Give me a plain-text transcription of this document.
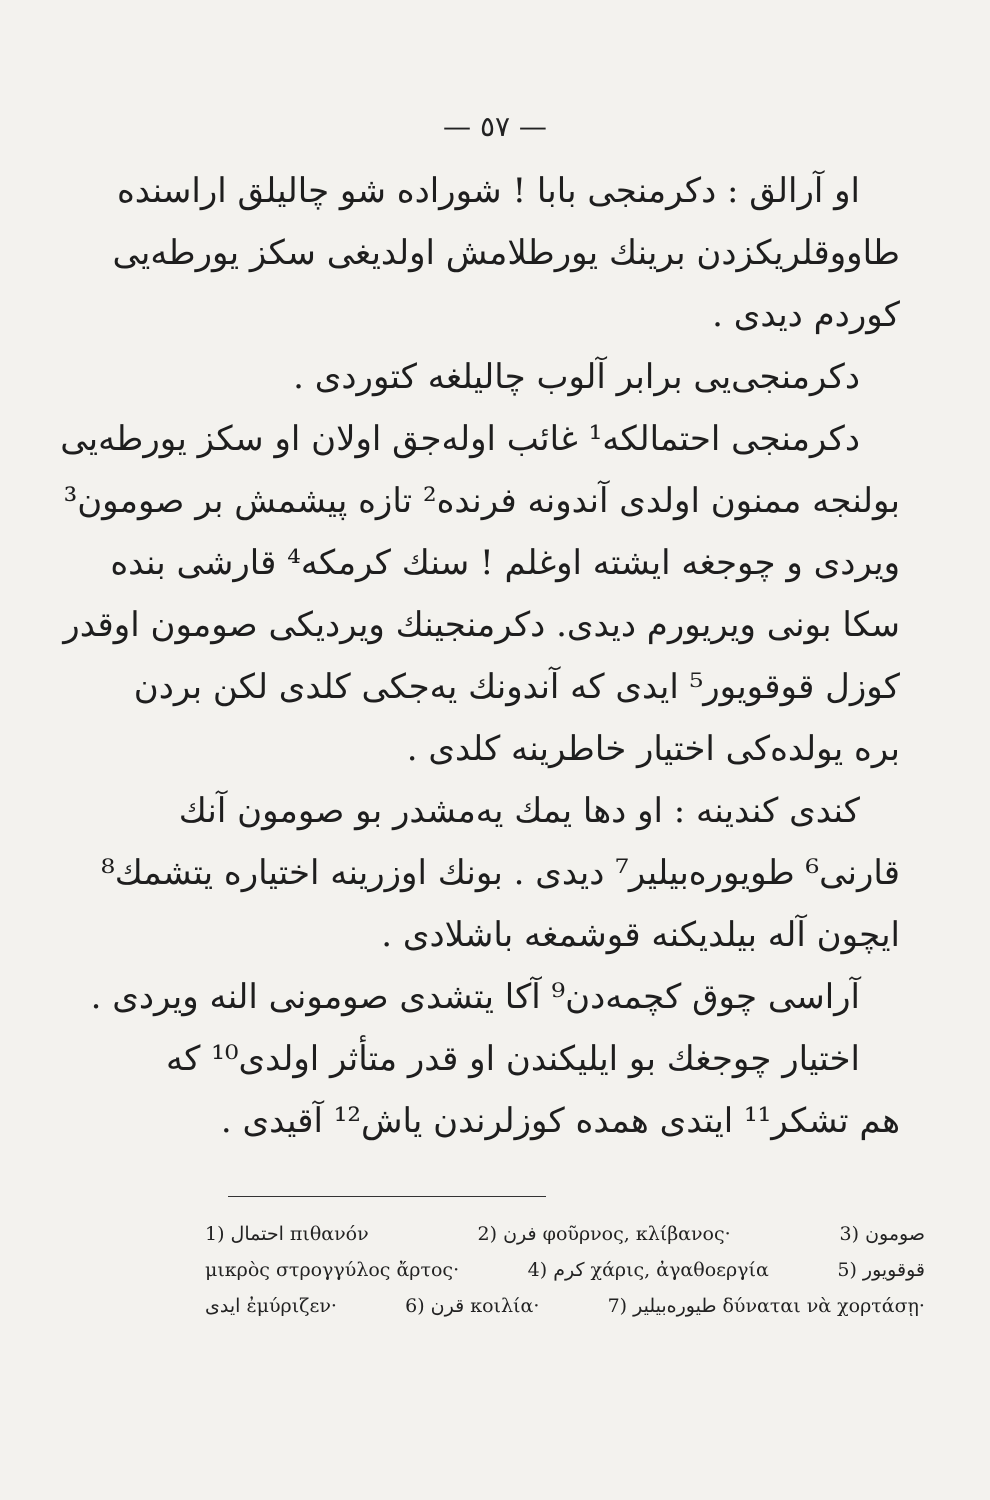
— ٥٧ —
او آرالق : دکرمنجی بابا ! شوراده شو چالیلق اراسنده
طاووقلریکزدن برینك یورطلامش اولدیغی سکز یورطه‌یی
کوردم دیدی .
دکرمنجی‌یی برابر آلوب چالیلغه کتوردی .
دکرمنجی احتمالکه¹ غائب اوله‌جق اولان او سکز یورطه‌یی
بولنجه ممنون اولدی آندونه فرنده² تازه پیشمش بر صومون³
ویردی و چوجغه ایشته اوغلم ! سنك کرمکه⁴ قارشی بنده
سکا بونی ویریورم دیدی. دکرمنجینك ویردیکی صومون اوقدر
کوزل قوقویور⁵ ایدی که آندونك یه‌جکی کلدی لکن بردن
بره یولده‌کی اختیار خاطرینه کلدی .
کندی کندینه : او دها یمك یه‌مشدر بو صومون آنك
قارنی⁶ طویوره‌بیلیر⁷ دیدی . بونك اوزرینه اختیاره یتشمك⁸
ایچون آله بیلدیکنه قوشمغه باشلادی .
آراسی چوق کچمه‌دن⁹ آکا یتشدی صومونی النه ویردی .
اختیار چوجغك بو ایلیکندن او قدر متأثر اولدی¹⁰ که
هم تشکر¹¹ ایتدی همده کوزلرندن یاش¹² آقیدی .
1) احتمال πιθανόν	2) فرن φοῦρνος, κλίβανος·	3) صومون
μικρὸς στρογγύλος ἄρτος·	4) کرم χάρις, ἀγαθοεργία	5) قوقویور
ایدی ἐμύριζεν·	6) قرن κοιλία·	7) طیوره‌بیلیر δύναται νὰ χορτάσῃ·
